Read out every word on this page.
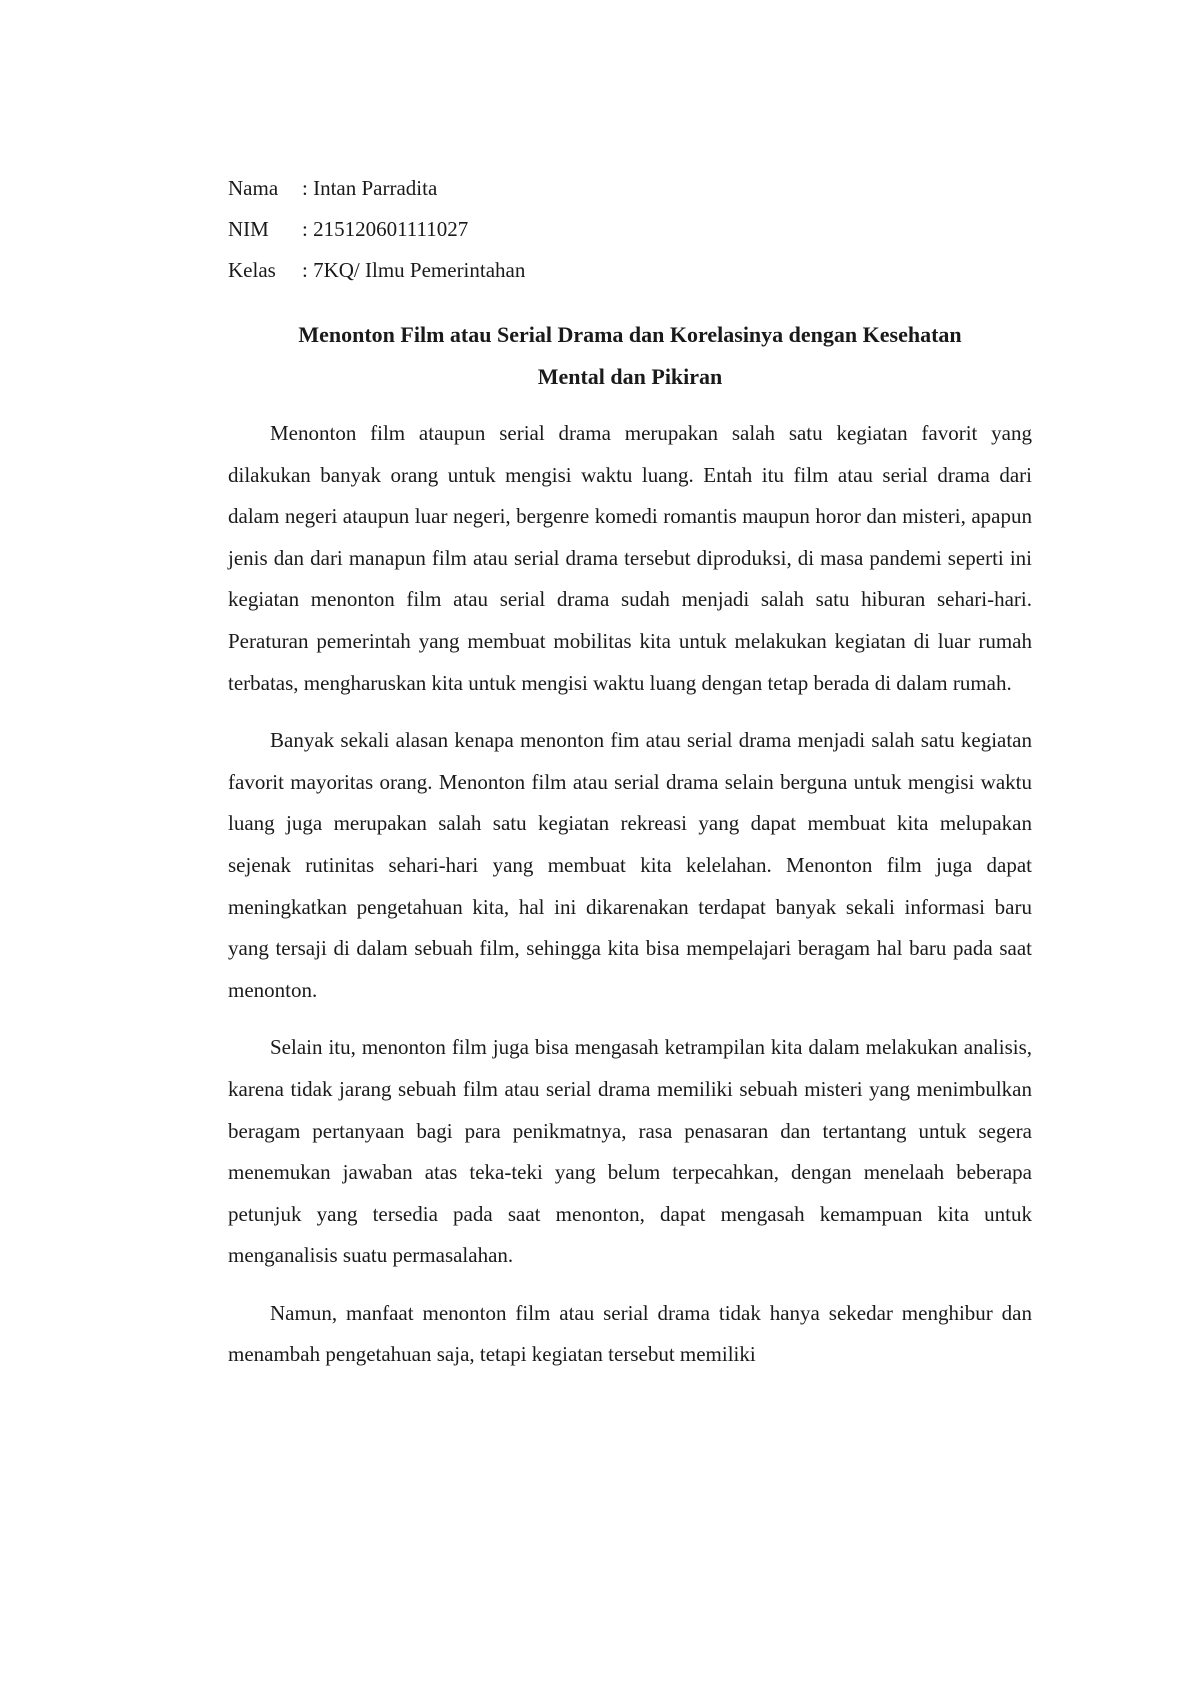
Nama	: Intan Parradita
NIM	: 215120601111027
Kelas	: 7KQ/ Ilmu Pemerintahan
Menonton Film atau Serial Drama dan Korelasinya dengan Kesehatan
Mental dan Pikiran

Menonton film ataupun serial drama merupakan salah satu kegiatan favorit yang dilakukan banyak orang untuk mengisi waktu luang. Entah itu film atau serial drama dari dalam negeri ataupun luar negeri, bergenre komedi romantis maupun horor dan misteri, apapun jenis dan dari manapun film atau serial drama tersebut diproduksi, di masa pandemi seperti ini kegiatan menonton film atau serial drama sudah menjadi salah satu hiburan sehari-hari. Peraturan pemerintah yang membuat mobilitas kita untuk melakukan kegiatan di luar rumah terbatas, mengharuskan kita untuk mengisi waktu luang dengan tetap berada di dalam rumah.

Banyak sekali alasan kenapa menonton fim atau serial drama menjadi salah satu kegiatan favorit mayoritas orang. Menonton film atau serial drama selain berguna untuk mengisi waktu luang juga merupakan salah satu kegiatan rekreasi yang dapat membuat kita melupakan sejenak rutinitas sehari-hari yang membuat kita kelelahan. Menonton film juga dapat meningkatkan pengetahuan kita, hal ini dikarenakan terdapat banyak sekali informasi baru yang tersaji di dalam sebuah film, sehingga kita bisa mempelajari beragam hal baru pada saat menonton.

Selain itu, menonton film juga bisa mengasah ketrampilan kita dalam melakukan analisis, karena tidak jarang sebuah film atau serial drama memiliki sebuah misteri yang menimbulkan beragam pertanyaan bagi para penikmatnya, rasa penasaran dan tertantang untuk segera menemukan jawaban atas teka-teki yang belum terpecahkan, dengan menelaah beberapa petunjuk yang tersedia pada saat menonton, dapat mengasah kemampuan kita untuk menganalisis suatu permasalahan.

Namun, manfaat menonton film atau serial drama tidak hanya sekedar menghibur dan menambah pengetahuan saja, tetapi kegiatan tersebut memiliki
